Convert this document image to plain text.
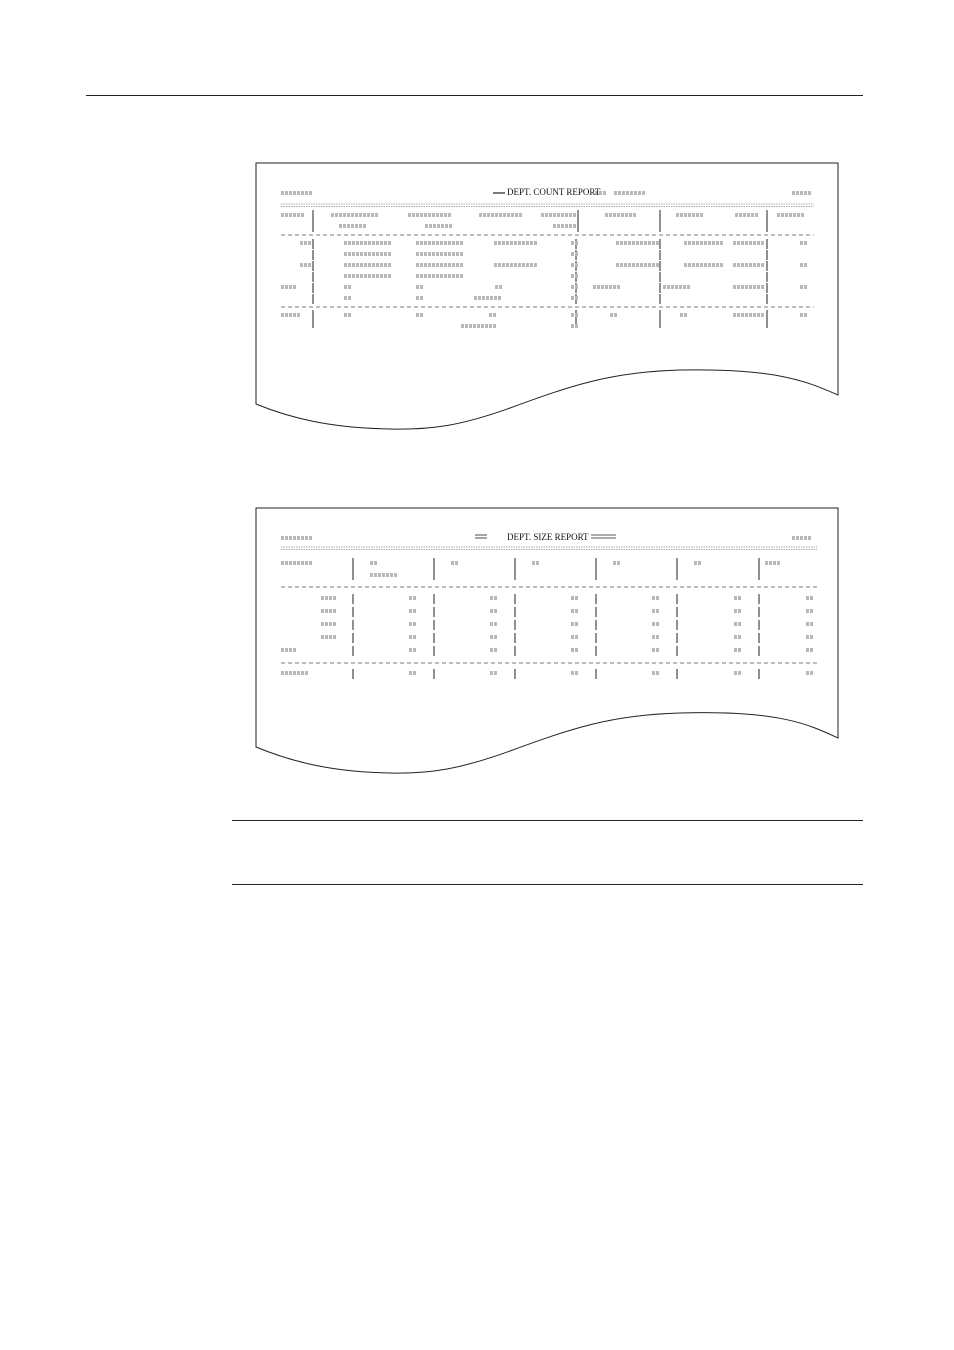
DEPT. COUNT REPORT
DEPT. SIZE REPORT
